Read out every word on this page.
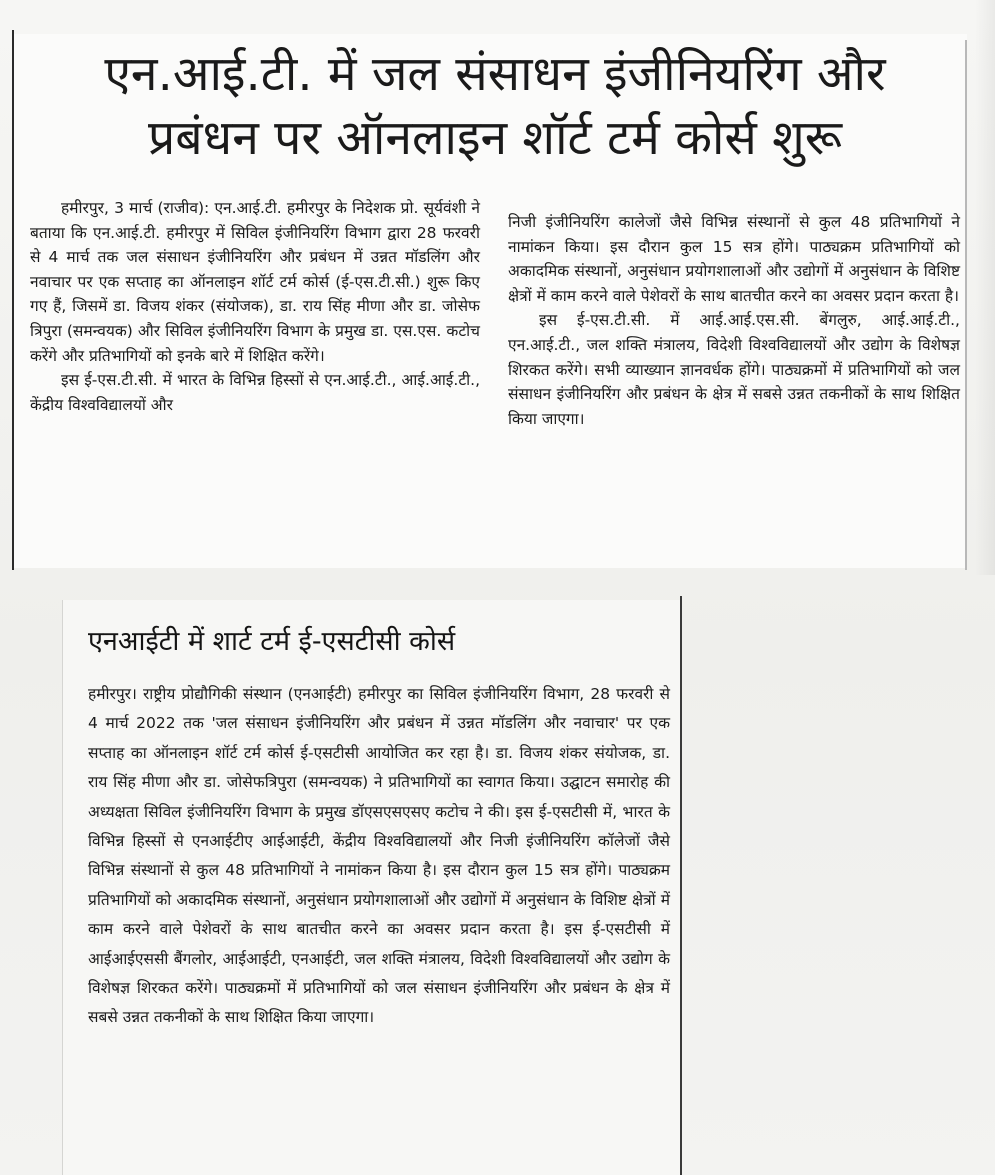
एन.आई.टी. में जल संसाधन इंजीनियरिंग और
प्रबंधन पर ऑनलाइन शॉर्ट टर्म कोर्स शुरू

हमीरपुर, 3 मार्च (राजीव): एन.आई.टी. हमीरपुर के निदेशक प्रो. सूर्यवंशी ने बताया कि एन.आई.टी. हमीरपुर में सिविल इंजीनियरिंग विभाग द्वारा 28 फरवरी से 4 मार्च तक जल संसाधन इंजीनियरिंग और प्रबंधन में उन्नत मॉडलिंग और नवाचार पर एक सप्ताह का ऑनलाइन शॉर्ट टर्म कोर्स (ई-एस.टी.सी.) शुरू किए गए हैं, जिसमें डा. विजय शंकर (संयोजक), डा. राय सिंह मीणा और डा. जोसेफ त्रिपुरा (समन्वयक) और सिविल इंजीनियरिंग विभाग के प्रमुख डा. एस.एस. कटोच करेंगे और प्रतिभागियों को इनके बारे में शिक्षित करेंगे।

इस ई-एस.टी.सी. में भारत के विभिन्न हिस्सों से एन.आई.टी., आई.आई.टी., केंद्रीय विश्वविद्यालयों और

निजी इंजीनियरिंग कालेजों जैसे विभिन्न संस्थानों से कुल 48 प्रतिभागियों ने नामांकन किया। इस दौरान कुल 15 सत्र होंगे। पाठ्यक्रम प्रतिभागियों को अकादमिक संस्थानों, अनुसंधान प्रयोगशालाओं और उद्योगों में अनुसंधान के विशिष्ट क्षेत्रों में काम करने वाले पेशेवरों के साथ बातचीत करने का अवसर प्रदान करता है।

इस ई-एस.टी.सी. में आई.आई.एस.सी. बेंगलुरु, आई.आई.टी., एन.आई.टी., जल शक्ति मंत्रालय, विदेशी विश्वविद्यालयों और उद्योग के विशेषज्ञ शिरकत करेंगे। सभी व्याख्यान ज्ञानवर्धक होंगे। पाठ्यक्रमों में प्रतिभागियों को जल संसाधन इंजीनियरिंग और प्रबंधन के क्षेत्र में सबसे उन्नत तकनीकों के साथ शिक्षित किया जाएगा।

एनआईटी में शार्ट टर्म ई-एसटीसी कोर्स

हमीरपुर। राष्ट्रीय प्रोद्यौगिकी संस्थान (एनआईटी) हमीरपुर का सिविल इंजीनियरिंग विभाग, 28 फरवरी से 4 मार्च 2022 तक 'जल संसाधन इंजीनियरिंग और प्रबंधन में उन्नत मॉडलिंग और नवाचार' पर एक सप्ताह का ऑनलाइन शॉर्ट टर्म कोर्स ई-एसटीसी आयोजित कर रहा है। डा. विजय शंकर संयोजक, डा. राय सिंह मीणा और डा. जोसेफत्रिपुरा (समन्वयक) ने प्रतिभागियों का स्वागत किया। उद्घाटन समारोह की अध्यक्षता सिविल इंजीनियरिंग विभाग के प्रमुख डॉएसएसएसए कटोच ने की। इस ई-एसटीसी में, भारत के विभिन्न हिस्सों से एनआईटीए आईआईटी, केंद्रीय विश्वविद्यालयों और निजी इंजीनियरिंग कॉलेजों जैसे विभिन्न संस्थानों से कुल 48 प्रतिभागियों ने नामांकन किया है। इस दौरान कुल 15 सत्र होंगे। पाठ्यक्रम प्रतिभागियों को अकादमिक संस्थानों, अनुसंधान प्रयोगशालाओं और उद्योगों में अनुसंधान के विशिष्ट क्षेत्रों में काम करने वाले पेशेवरों के साथ बातचीत करने का अवसर प्रदान करता है। इस ई-एसटीसी में आईआईएससी बैंगलोर, आईआईटी, एनआईटी, जल शक्ति मंत्रालय, विदेशी विश्वविद्यालयों और उद्योग के विशेषज्ञ शिरकत करेंगे। पाठ्यक्रमों में प्रतिभागियों को जल संसाधन इंजीनियरिंग और प्रबंधन के क्षेत्र में सबसे उन्नत तकनीकों के साथ शिक्षित किया जाएगा।
